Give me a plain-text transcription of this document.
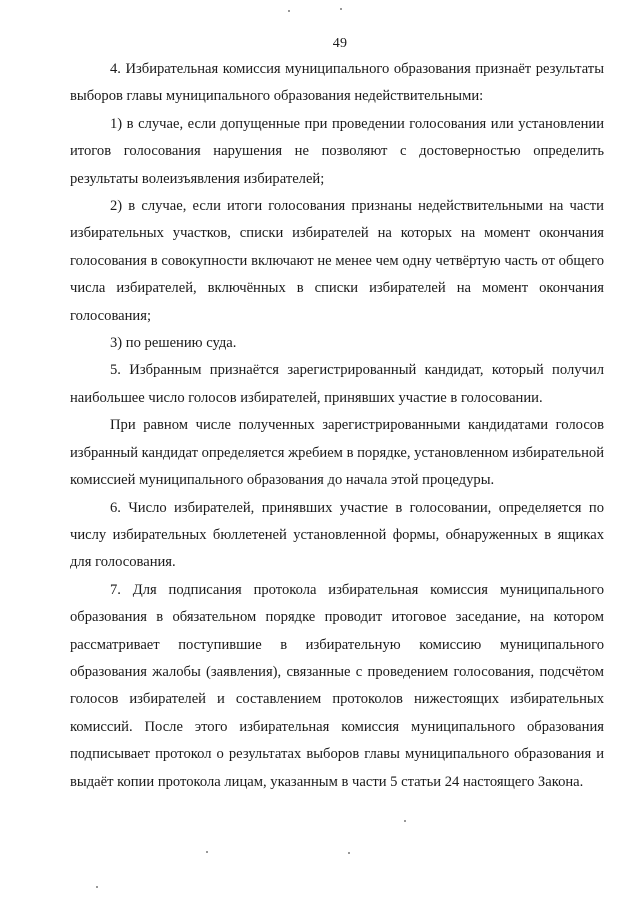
49

4. Избирательная комиссия муниципального образования признаёт результаты выборов главы муниципального образования недействительными:

1) в случае, если допущенные при проведении голосования или установлении итогов голосования нарушения не позволяют с достоверностью определить результаты волеизъявления избирателей;

2) в случае, если итоги голосования признаны недействительными на части избирательных участков, списки избирателей на которых на момент окончания голосования в совокупности включают не менее чем одну четвёртую часть от общего числа избирателей, включённых в списки избирателей на момент окончания голосования;

3) по решению суда.

5. Избранным признаётся зарегистрированный кандидат, который получил наибольшее число голосов избирателей, принявших участие в голосовании.

При равном числе полученных зарегистрированными кандидатами голосов избранный кандидат определяется жребием в порядке, установленном избирательной комиссией муниципального образования до начала этой процедуры.

6. Число избирателей, принявших участие в голосовании, определяется по числу избирательных бюллетеней установленной формы, обнаруженных в ящиках для голосования.

7. Для подписания протокола избирательная комиссия муниципального образования в обязательном порядке проводит итоговое заседание, на котором рассматривает поступившие в избирательную комиссию муниципального образования жалобы (заявления), связанные с проведением голосования, подсчётом голосов избирателей и составлением протоколов нижестоящих избирательных комиссий. После этого избирательная комиссия муниципального образования подписывает протокол о результатах выборов главы муниципального образования и выдаёт копии протокола лицам, указанным в части 5 статьи 24 настоящего Закона.
